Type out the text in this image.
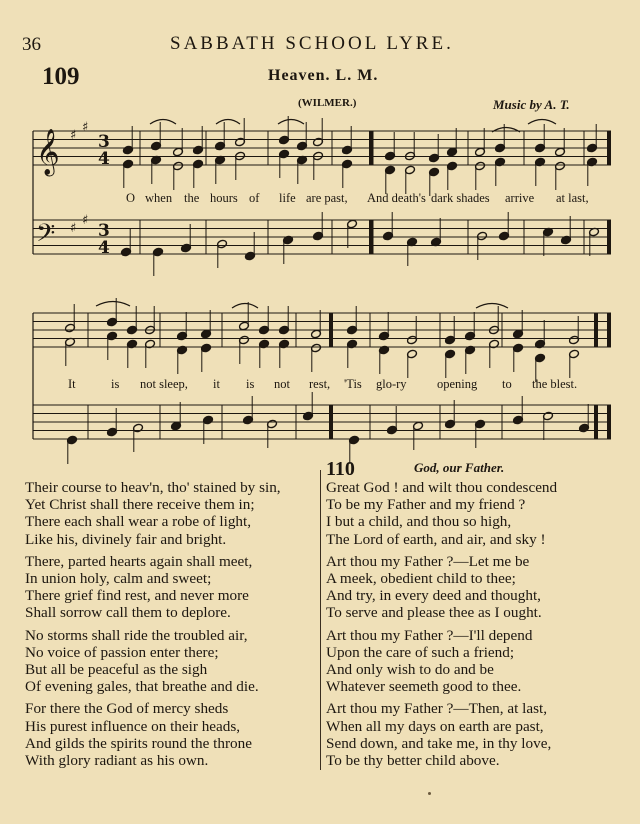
36	SABBATH SCHOOL LYRE.
109	Heaven. L. M.
(WILMER.)	Music by A. T.
𝄞
𝄢
♯
♯
♯
♯
3
4
3
4
O when the hours of life are past, And death's dark shades arrive at last,
It	is not sleep, it is not rest, 'Tis glo-ry opening to the blest.
Their course to heav'n, tho' stained by sin,
Yet Christ shall there receive them in;
There each shall wear a robe of light,
Like his, divinely fair and bright.
There, parted hearts again shall meet,
In union holy, calm and sweet;
There grief find rest, and never more
Shall sorrow call them to deplore.
No storms shall ride the troubled air,
No voice of passion enter there;
But all be peaceful as the sigh
Of evening gales, that breathe and die.
For there the God of mercy sheds
His purest influence on their heads,
And gilds the spirits round the throne
With glory radiant as his own.
110	God, our Father.
Great God ! and wilt thou condescend
To be my Father and my friend ?
I but a child, and thou so high,
The Lord of earth, and air, and sky !
Art thou my Father ?—Let me be
A meek, obedient child to thee;
And try, in every deed and thought,
To serve and please thee as I ought.
Art thou my Father ?—I'll depend
Upon the care of such a friend;
And only wish to do and be
Whatever seemeth good to thee.
Art thou my Father ?—Then, at last,
When all my days on earth are past,
Send down, and take me, in thy love,
To be thy better child above.
